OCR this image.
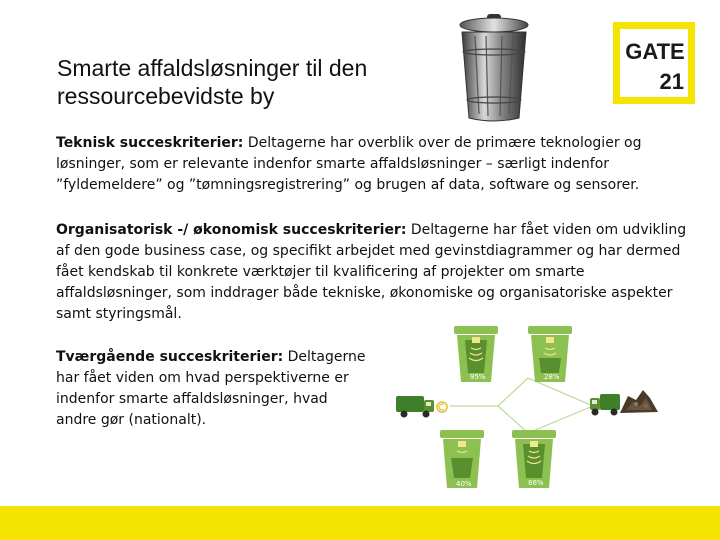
Smarte affaldsløsninger til den
ressourcebevidste by
GATE
21
Teknisk succeskriterier: Deltagerne har overblik over de primære teknologier og løsninger, som er relevante indenfor smarte affaldsløsninger – særligt indenfor ”fyldemeldere” og ”tømningsregistrering” og brugen af data, software og sensorer.
Organisatorisk -/ økonomisk succeskriterier: Deltagerne har fået viden om udvikling af den gode business case, og specifikt arbejdet med gevinstdiagrammer og har dermed fået kendskab til konkrete værktøjer til kvalificering af projekter om smarte affaldsløsninger, som inddrager både tekniske, økonomiske og organisatoriske aspekter samt styringsmål.
Tværgående succeskriterier: Deltagerne har fået viden om hvad perspektiverne er indenfor smarte affaldsløsninger, hvad andre gør (nationalt).
95%	28%
40%	86%
